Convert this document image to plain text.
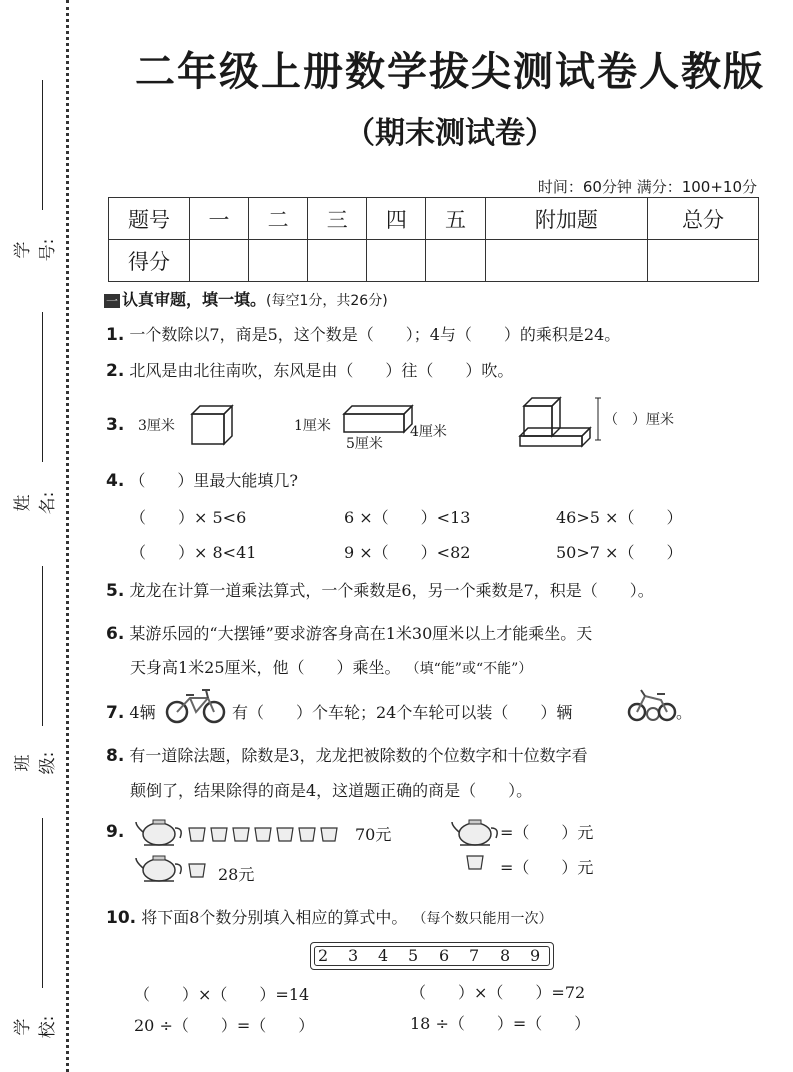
学号:
姓名:
班级:
学校:
二年级上册数学拔尖测试卷人教版
（期末测试卷）
时间：60分钟 满分：100+10分
题号	一	二	三	四	五	附加题	总分
得分							
一 认真审题，填一填。(每空1分，共26分)
1. 一个数除以7，商是5，这个数是（　　）；4与（　　）的乘积是24。
2. 北风是由北往南吹，东风是由（　　）往（　　）吹。
3. 3厘米	1厘米	4厘米
5厘米
（　）厘米
4. （　　）里最大能填几?
（　　）× 5<6	6 ×（　　）<13	46>5 ×（　　）
（　　）× 8<41	9 ×（　　）<82	50>7 ×（　　）
5. 龙龙在计算一道乘法算式，一个乘数是6，另一个乘数是7，积是（　　）。
6. 某游乐园的“大摆锤”要求游客身高在1米30厘米以上才能乘坐。天
天身高1米25厘米，他（　　）乘坐。 （填“能”或“不能”）
7. 4辆	有（　　）个车轮；24个车轮可以装（　　）辆	。
8. 有一道除法题，除数是3，龙龙把被除数的个位数字和十位数字看
颠倒了，结果除得的商是4，这道题正确的商是（　　）。
9.	70元
28元
=（　　）元
=（　　）元
10. 将下面8个数分别填入相应的算式中。 （每个数只能用一次）
2 3 4 5 6 7 8 9
（　　）×（　　）=14	（　　）×（　　）=72
20 ÷（　　）=（　　）	18 ÷（　　）=（　　）
